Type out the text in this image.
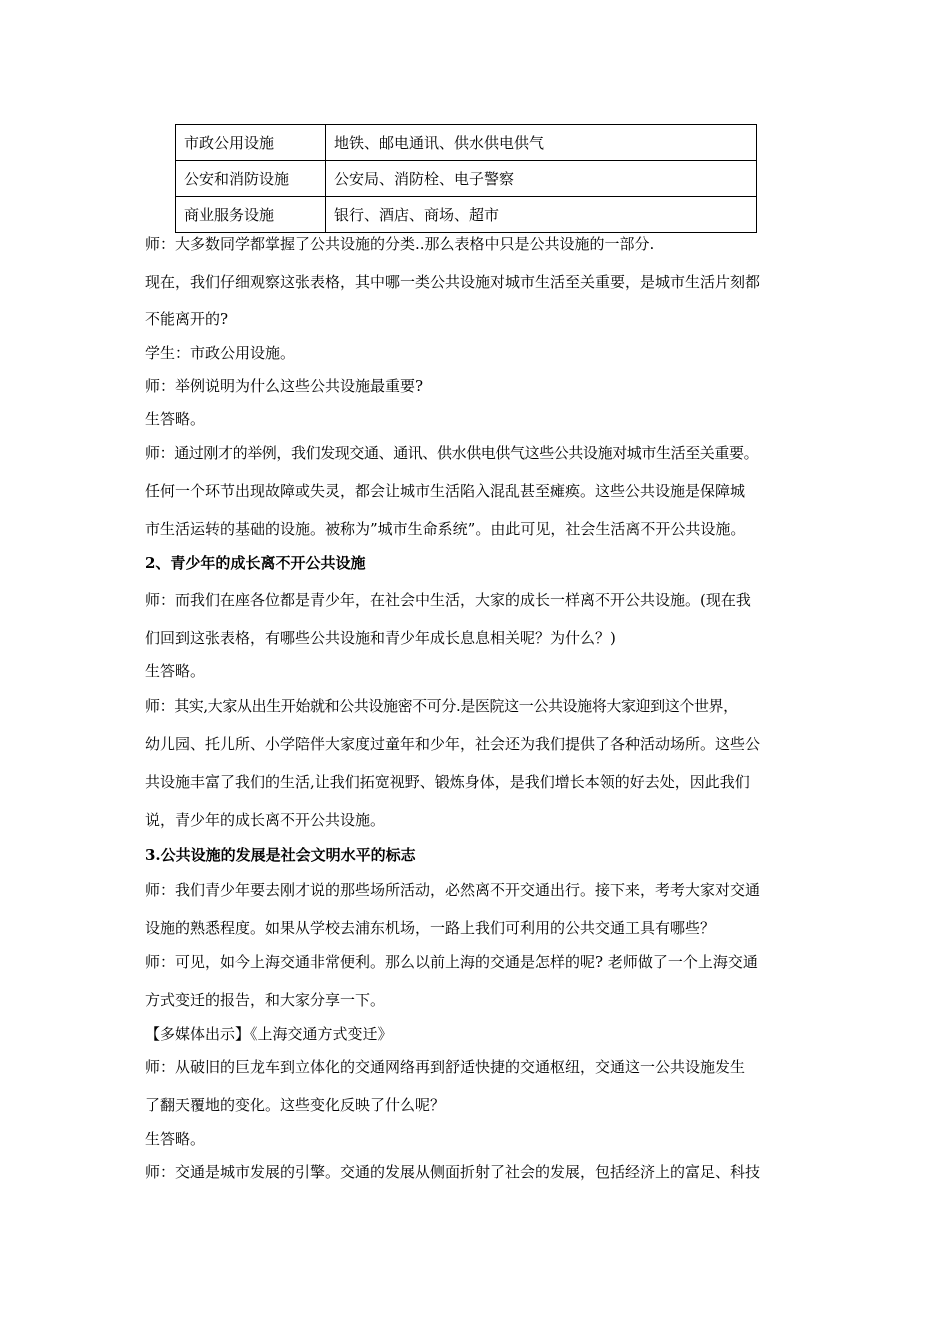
市政公用设施	地铁、邮电通讯、供水供电供气
公安和消防设施	公安局、消防栓、电子警察
商业服务设施	银行、酒店、商场、超市
师：大多数同学都掌握了公共设施的分类..那么表格中只是公共设施的一部分.
现在，我们仔细观察这张表格，其中哪一类公共设施对城市生活至关重要，是城市生活片刻都
不能离开的?
学生：市政公用设施。
师：举例说明为什么这些公共设施最重要?
生答略。
师：通过刚才的举例，我们发现交通、通讯、供水供电供气这些公共设施对城市生活至关重要。
任何一个环节出现故障或失灵，都会让城市生活陷入混乱甚至瘫痪。这些公共设施是保障城
市生活运转的基础的设施。被称为”城市生命系统”。由此可见，社会生活离不开公共设施。
2、青少年的成长离不开公共设施
师：而我们在座各位都是青少年，在社会中生活，大家的成长一样离不开公共设施。(现在我
们回到这张表格，有哪些公共设施和青少年成长息息相关呢？为什么？)
生答略。
师：其实,大家从出生开始就和公共设施密不可分.是医院这一公共设施将大家迎到这个世界，
幼儿园、托儿所、小学陪伴大家度过童年和少年，社会还为我们提供了各种活动场所。这些公
共设施丰富了我们的生活,让我们拓宽视野、锻炼身体，是我们增长本领的好去处，因此我们
说，青少年的成长离不开公共设施。
3.公共设施的发展是社会文明水平的标志
师：我们青少年要去刚才说的那些场所活动，必然离不开交通出行。接下来，考考大家对交通
设施的熟悉程度。如果从学校去浦东机场，一路上我们可利用的公共交通工具有哪些？
师：可见，如今上海交通非常便利。那么以前上海的交通是怎样的呢? 老师做了一个上海交通
方式变迁的报告，和大家分享一下。
【多媒体出示】《上海交通方式变迁》
师：从破旧的巨龙车到立体化的交通网络再到舒适快捷的交通枢纽，交通这一公共设施发生
了翻天覆地的变化。这些变化反映了什么呢？
生答略。
师：交通是城市发展的引擎。交通的发展从侧面折射了社会的发展，包括经济上的富足、科技
